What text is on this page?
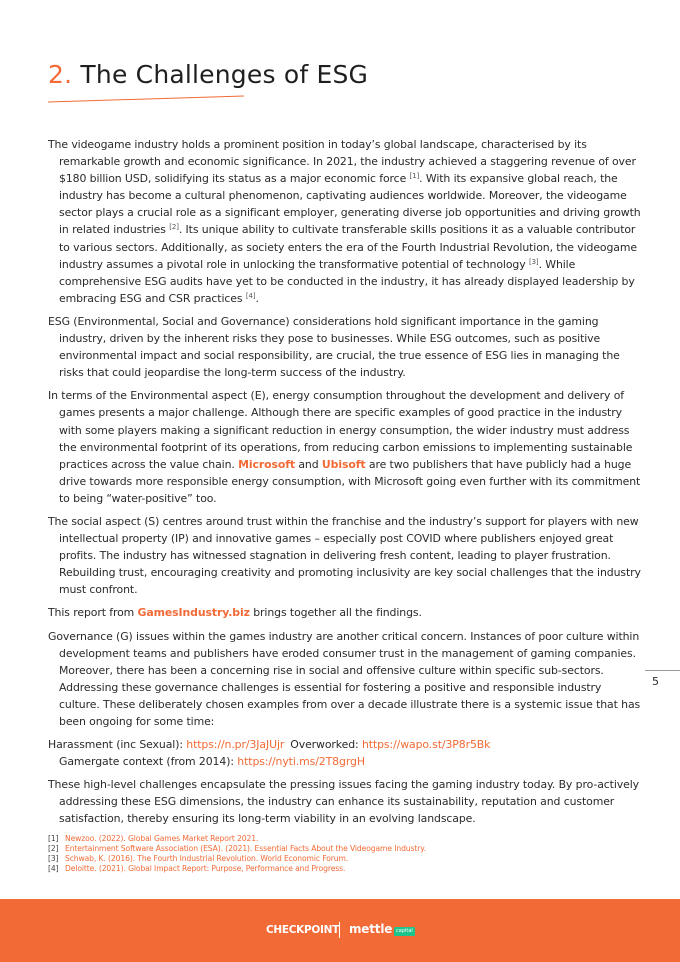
2. The Challenges of ESG

The videogame industry holds a prominent position in today’s global landscape, characterised by its remarkable growth and economic significance. In 2021, the industry achieved a staggering revenue of over $180 billion USD, solidifying its status as a major economic force [1]. With its expansive global reach, the industry has become a cultural phenomenon, captivating audiences worldwide. Moreover, the videogame sector plays a crucial role as a significant employer, generating diverse job opportunities and driving growth in related industries [2]. Its unique ability to cultivate transferable skills positions it as a valuable contributor to various sectors. Additionally, as society enters the era of the Fourth Industrial Revolution, the videogame industry assumes a pivotal role in unlocking the transformative potential of technology [3]. While comprehensive ESG audits have yet to be conducted in the industry, it has already displayed leadership by embracing ESG and CSR practices [4].

ESG (Environmental, Social and Governance) considerations hold significant importance in the gaming industry, driven by the inherent risks they pose to businesses. While ESG outcomes, such as positive environmental impact and social responsibility, are crucial, the true essence of ESG lies in managing the risks that could jeopardise the long-term success of the industry.

In terms of the Environmental aspect (E), energy consumption throughout the development and delivery of games presents a major challenge. Although there are specific examples of good practice in the industry with some players making a significant reduction in energy consumption, the wider industry must address the environmental footprint of its operations, from reducing carbon emissions to implementing sustainable practices across the value chain. Microsoft and Ubisoft are two publishers that have publicly had a huge drive towards more responsible energy consumption, with Microsoft going even further with its commitment to being “water-positive” too.

The social aspect (S) centres around trust within the franchise and the industry’s support for players with new intellectual property (IP) and innovative games – especially post COVID where publishers enjoyed great profits. The industry has witnessed stagnation in delivering fresh content, leading to player frustration. Rebuilding trust, encouraging creativity and promoting inclusivity are key social challenges that the industry must confront.

This report from GamesIndustry.biz brings together all the findings.

Governance (G) issues within the games industry are another critical concern. Instances of poor culture within development teams and publishers have eroded consumer trust in the management of gaming companies. Moreover, there has been a concerning rise in social and offensive culture within specific sub-sectors. Addressing these governance challenges is essential for fostering a positive and responsible industry culture. These deliberately chosen examples from over a decade illustrate there is a systemic issue that has been ongoing for some time:

Harassment (inc Sexual): https://n.pr/3JaJUjr Overworked: https://wapo.st/3P8r5Bk
Gamergate context (from 2014): https://nyti.ms/2T8grgH

These high-level challenges encapsulate the pressing issues facing the gaming industry today. By pro-actively addressing these ESG dimensions, the industry can enhance its sustainability, reputation and customer satisfaction, thereby ensuring its long-term viability in an evolving landscape.

[1] Newzoo. (2022). Global Games Market Report 2021.
[2] Entertainment Software Association (ESA). (2021). Essential Facts About the Videogame Industry.
[3] Schwab, K. (2016). The Fourth Industrial Revolution. World Economic Forum.
[4] Deloitte. (2021). Global Impact Report: Purpose, Performance and Progress.
5
CHECKPOINT mettle capital
